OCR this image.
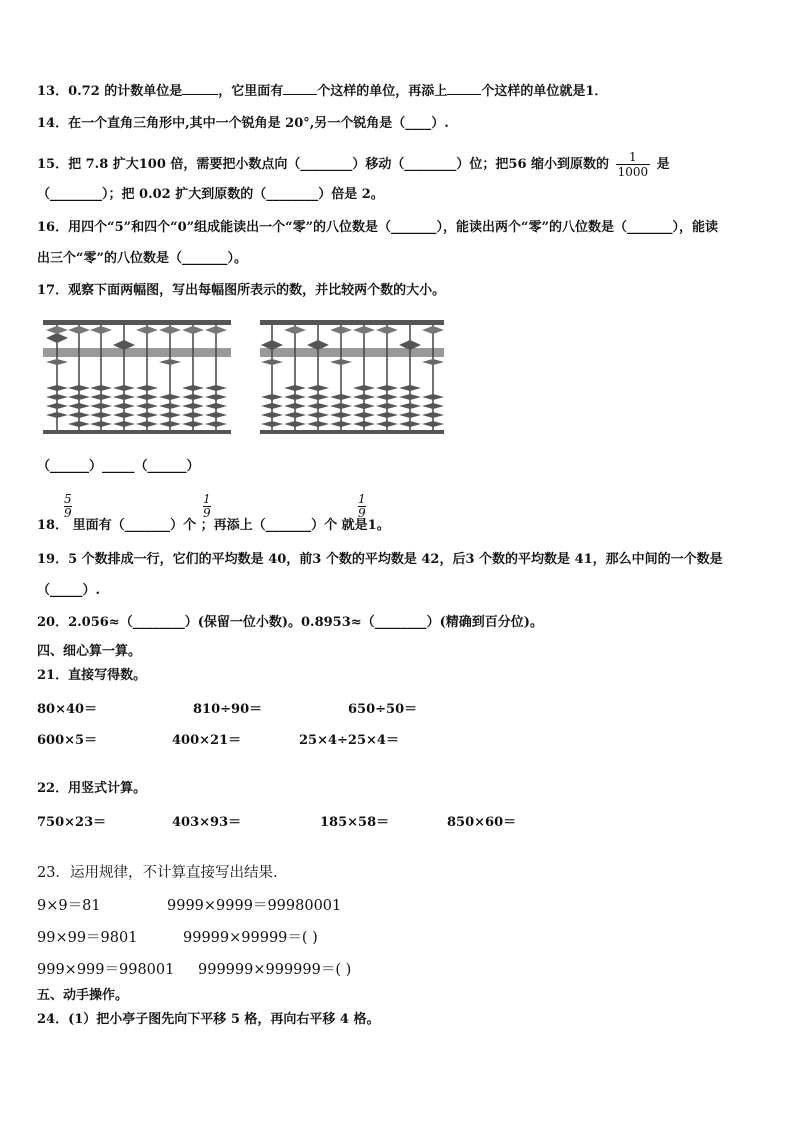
13．0.72 的计数单位是	，它里面有	个这样的单位，再添上	个这样的单位就是1．
14．在一个直角三角形中,其中一个锐角是 20°,另一个锐角是（____）.
15．把 7.8 扩大100 倍，需要把小数点向（________）移动（________）位；把56 缩小到原数的 $\frac{1}{1000}$ 是
（________）；把 0.02 扩大到原数的（________）倍是 2。
16．用四个“5”和四个“0”组成能读出一个“零”的八位数是（_______），能读出两个“零”的八位数是（_______），能读
出三个“零”的八位数是（_______）。
17．观察下面两幅图，写出每幅图所表示的数，并比较两个数的大小。
（______）_____（______）
5
9
1
9
1
9
18． 里面有（_______）个 ；再添上（_______）个 就是1。
19．5 个数排成一行，它们的平均数是 40，前3 个数的平均数是 42，后3 个数的平均数是 41，那么中间的一个数是
（_____）.
20．2.056≈（________）(保留一位小数)。0.8953≈（________）(精确到百分位)。
四、细心算一算。
21．直接写得数。
80×40＝	810÷90＝	650÷50＝
600×5＝	400×21＝	25×4÷25×4＝
22．用竖式计算。
750×23＝	403×93＝	185×58＝	850×60＝
23．运用规律，不计算直接写出结果．
9×9＝81	9999×9999＝99980001
99×99＝9801	99999×99999＝( )
999×999＝998001 999999×999999＝( )
五、动手操作。
24．(1）把小亭子图先向下平移 5 格，再向右平移 4 格。
